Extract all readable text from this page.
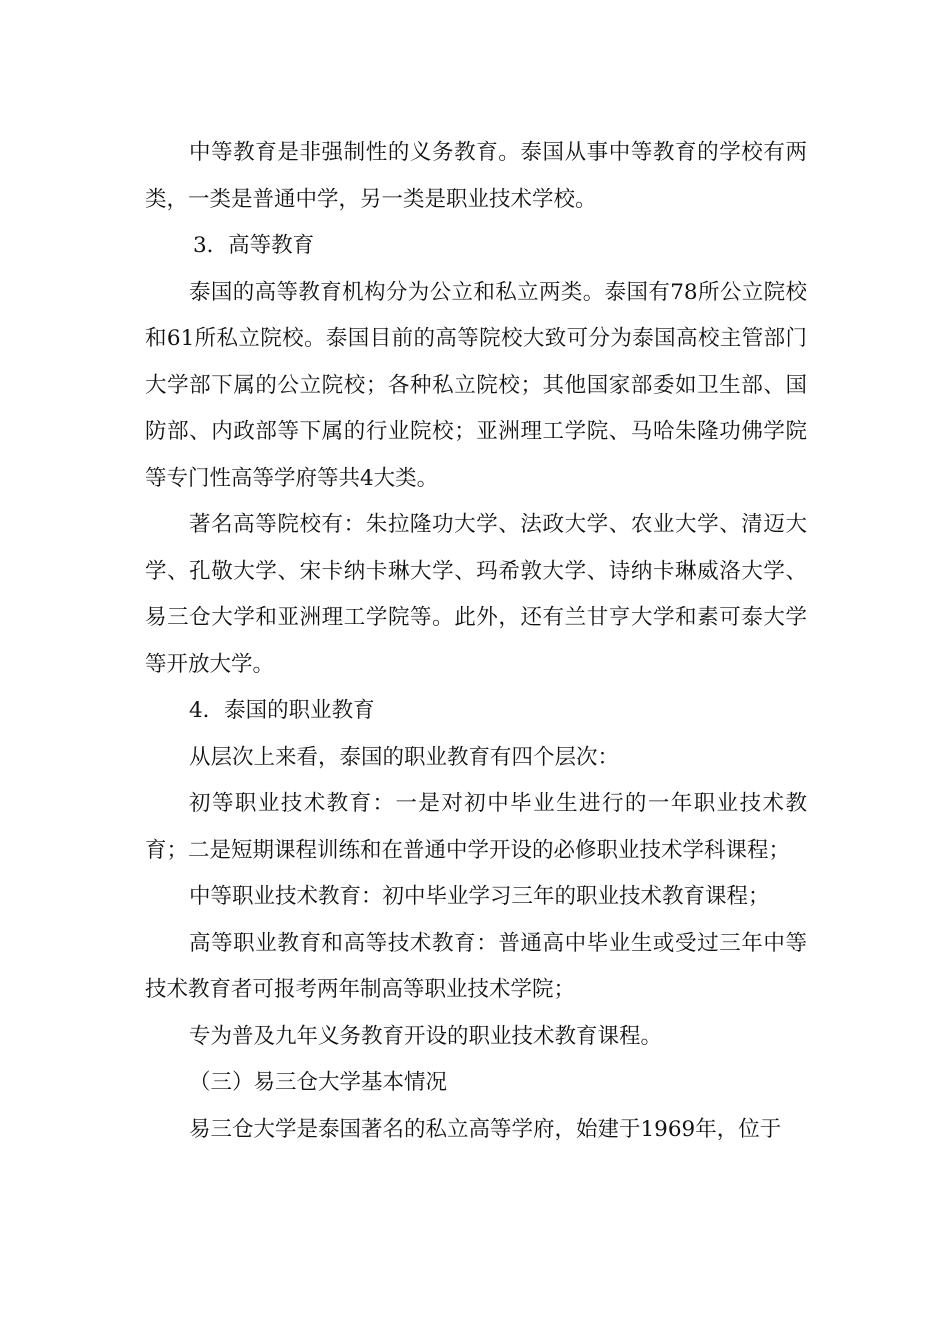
中等教育是非强制性的义务教育。泰国从事中等教育的学校有两类，一类是普通中学，另一类是职业技术学校。

3．高等教育

泰国的高等教育机构分为公立和私立两类。泰国有78所公立院校和61所私立院校。泰国目前的高等院校大致可分为泰国高校主管部门大学部下属的公立院校；各种私立院校；其他国家部委如卫生部、国防部、内政部等下属的行业院校；亚洲理工学院、马哈朱隆功佛学院等专门性高等学府等共4大类。

著名高等院校有：朱拉隆功大学、法政大学、农业大学、清迈大学、孔敬大学、宋卡纳卡琳大学、玛希敦大学、诗纳卡琳威洛大学、易三仓大学和亚洲理工学院等。此外，还有兰甘亨大学和素可泰大学等开放大学。

4．泰国的职业教育

从层次上来看，泰国的职业教育有四个层次：

初等职业技术教育：一是对初中毕业生进行的一年职业技术教育；二是短期课程训练和在普通中学开设的必修职业技术学科课程；

中等职业技术教育：初中毕业学习三年的职业技术教育课程；

高等职业教育和高等技术教育：普通高中毕业生或受过三年中等技术教育者可报考两年制高等职业技术学院；

专为普及九年义务教育开设的职业技术教育课程。

（三）易三仓大学基本情况

易三仓大学是泰国著名的私立高等学府，始建于1969年，位于
